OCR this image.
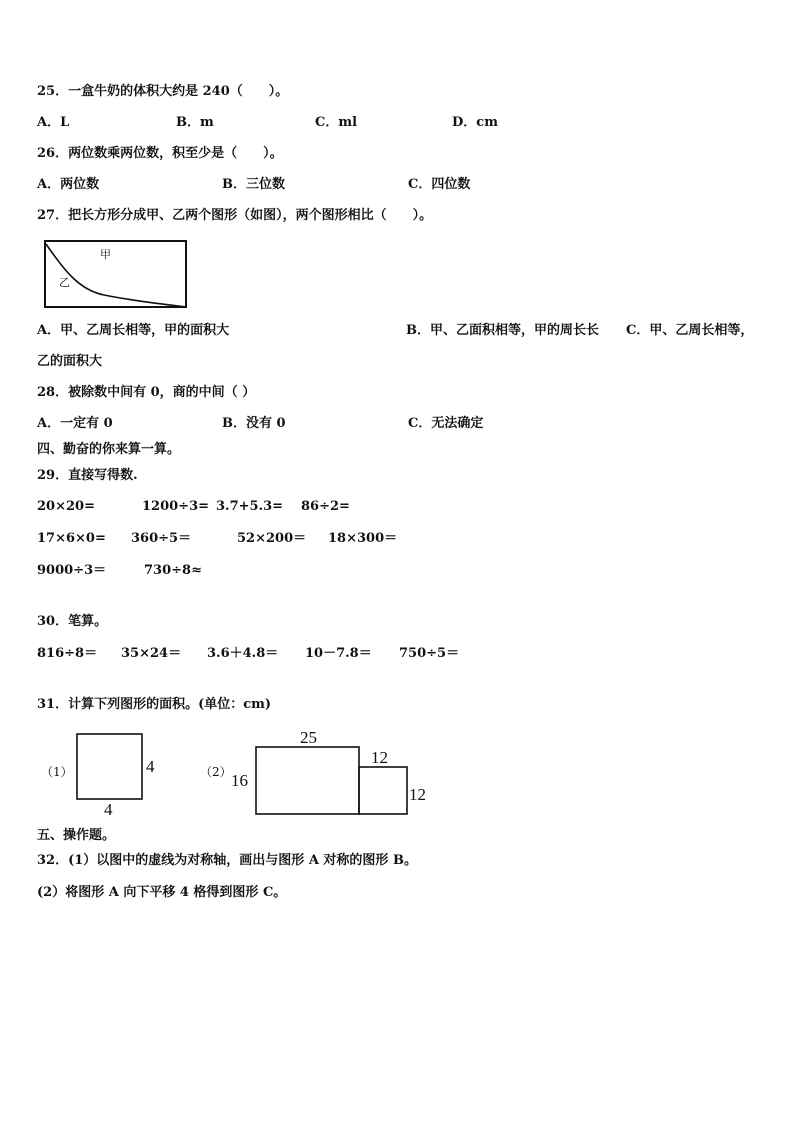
25．一盒牛奶的体积大约是 240（　　）。
A．L	B．m	C．ml	D．cm
26．两位数乘两位数，积至少是（　　）。
A．两位数	B．三位数	C．四位数
27．把长方形分成甲、乙两个图形（如图），两个图形相比（　　）。
甲
乙
A．甲、乙周长相等，甲的面积大	B．甲、乙面积相等，甲的周长长 C．甲、乙周长相等，
乙的面积大
28．被除数中间有 0，商的中间（ ）
A．一定有 0	B．没有 0	C．无法确定
四、勤奋的你来算一算。
29．直接写得数.
20×20=	1200÷3= 3.7+5.3= 86÷2=
17×6×0= 360÷5＝	52×200＝ 18×300＝
9000÷3＝	730÷8≈
30．笔算。
816÷8＝ 35×24＝ 3.6＋4.8＝ 10－7.8＝ 750÷5＝
31．计算下列图形的面积。(单位：cm)
（1）	4
4
（2） 16
25
12
12
五、操作题。
32．(1）以图中的虚线为对称轴，画出与图形 A 对称的图形 B。
(2）将图形 A 向下平移 4 格得到图形 C。
